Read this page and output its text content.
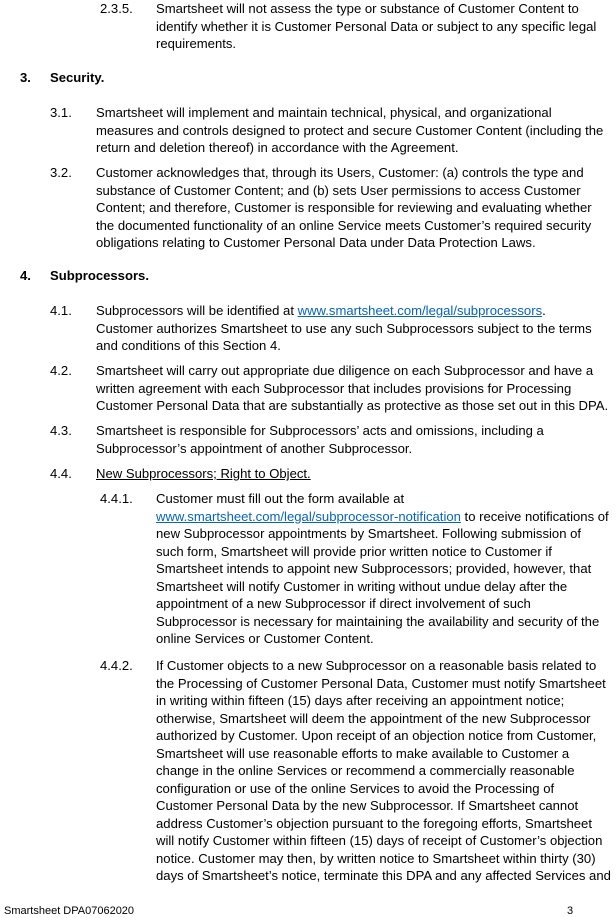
2.3.5. Smartsheet will not assess the type or substance of Customer Content to identify whether it is Customer Personal Data or subject to any specific legal requirements.
3. Security.
3.1. Smartsheet will implement and maintain technical, physical, and organizational measures and controls designed to protect and secure Customer Content (including the return and deletion thereof) in accordance with the Agreement.
3.2. Customer acknowledges that, through its Users, Customer: (a) controls the type and substance of Customer Content; and (b) sets User permissions to access Customer Content; and therefore, Customer is responsible for reviewing and evaluating whether the documented functionality of an online Service meets Customer’s required security obligations relating to Customer Personal Data under Data Protection Laws.
4. Subprocessors.
4.1. Subprocessors will be identified at www.smartsheet.com/legal/subprocessors. Customer authorizes Smartsheet to use any such Subprocessors subject to the terms and conditions of this Section 4.
4.2. Smartsheet will carry out appropriate due diligence on each Subprocessor and have a written agreement with each Subprocessor that includes provisions for Processing Customer Personal Data that are substantially as protective as those set out in this DPA.
4.3. Smartsheet is responsible for Subprocessors’ acts and omissions, including a Subprocessor’s appointment of another Subprocessor.
4.4. New Subprocessors; Right to Object.
4.4.1. Customer must fill out the form available at
www.smartsheet.com/legal/subprocessor-notification to receive notifications of new Subprocessor appointments by Smartsheet. Following submission of such form, Smartsheet will provide prior written notice to Customer if Smartsheet intends to appoint new Subprocessors; provided, however, that Smartsheet will notify Customer in writing without undue delay after the appointment of a new Subprocessor if direct involvement of such Subprocessor is necessary for maintaining the availability and security of the online Services or Customer Content.
4.4.2. If Customer objects to a new Subprocessor on a reasonable basis related to the Processing of Customer Personal Data, Customer must notify Smartsheet in writing within fifteen (15) days after receiving an appointment notice; otherwise, Smartsheet will deem the appointment of the new Subprocessor authorized by Customer. Upon receipt of an objection notice from Customer, Smartsheet will use reasonable efforts to make available to Customer a change in the online Services or recommend a commercially reasonable configuration or use of the online Services to avoid the Processing of Customer Personal Data by the new Subprocessor. If Smartsheet cannot address Customer’s objection pursuant to the foregoing efforts, Smartsheet will notify Customer within fifteen (15) days of receipt of Customer’s objection notice. Customer may then, by written notice to Smartsheet within thirty (30) days of Smartsheet’s notice, terminate this DPA and any affected Services and
Smartsheet DPA07062020	3
